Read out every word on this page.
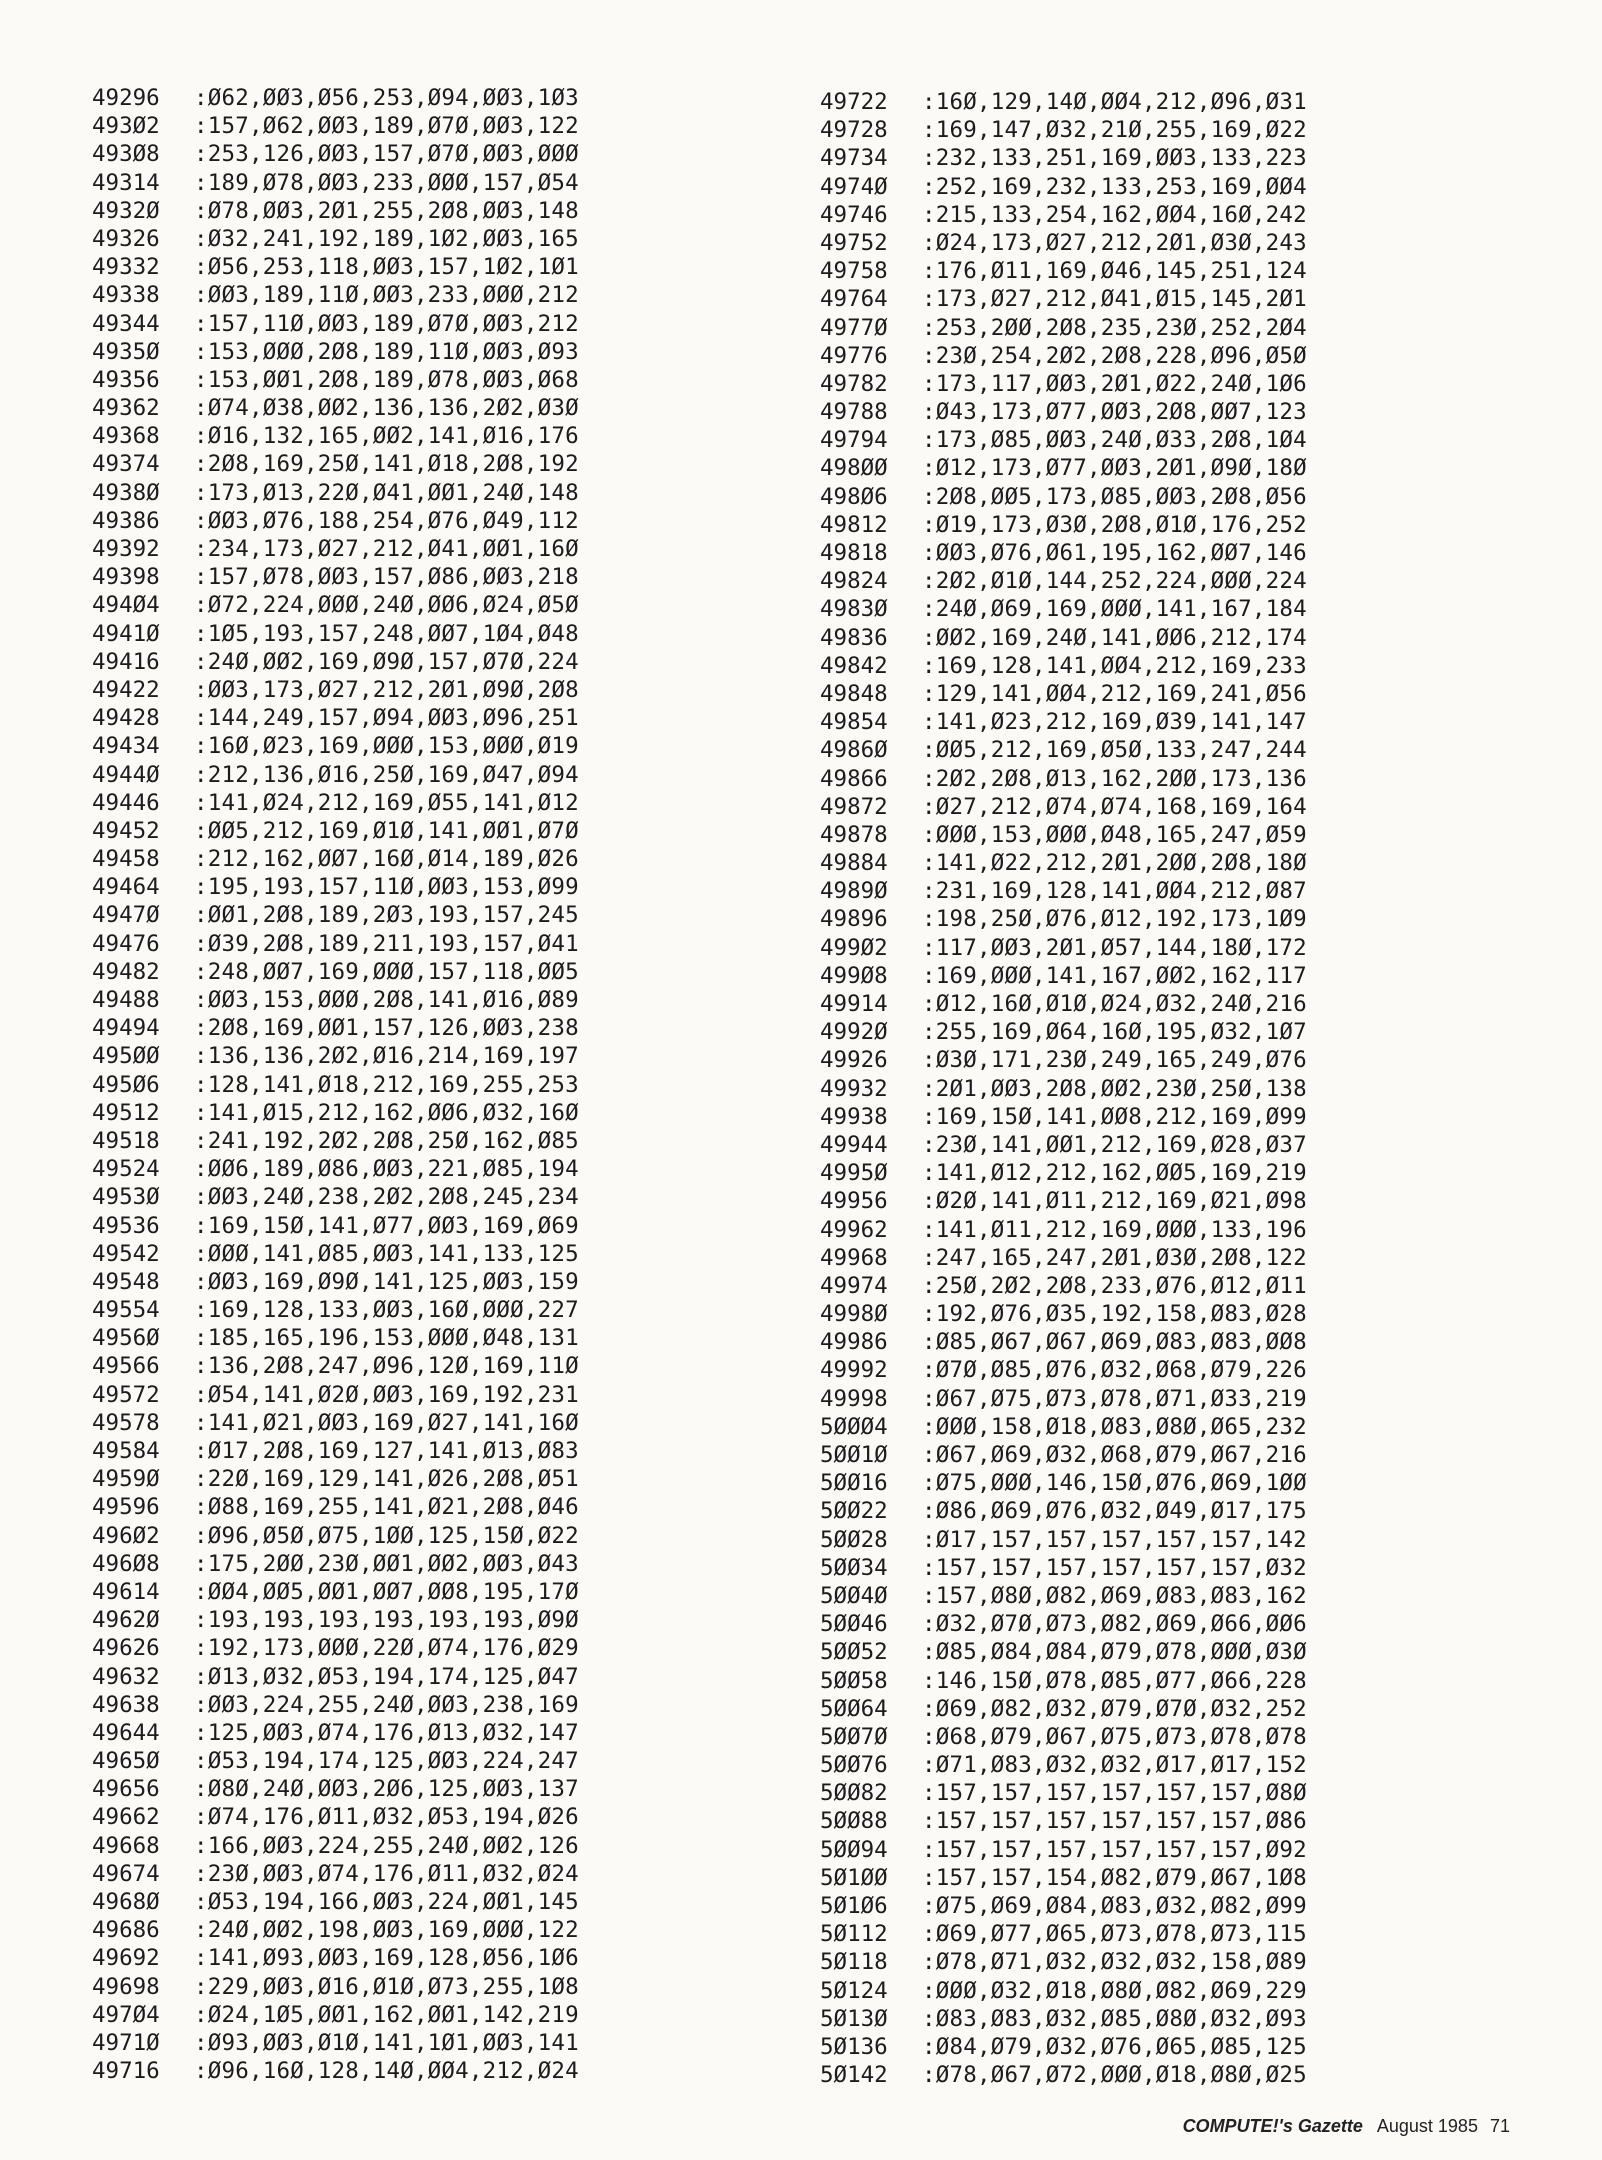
49296 :Ø62,ØØ3,Ø56,253,Ø94,ØØ3,1Ø3
493Ø2 :157,Ø62,ØØ3,189,Ø7Ø,ØØ3,122
493Ø8 :253,126,ØØ3,157,Ø7Ø,ØØ3,ØØØ
49314 :189,Ø78,ØØ3,233,ØØØ,157,Ø54
4932Ø :Ø78,ØØ3,2Ø1,255,2Ø8,ØØ3,148
49326 :Ø32,241,192,189,1Ø2,ØØ3,165
49332 :Ø56,253,118,ØØ3,157,1Ø2,1Ø1
49338 :ØØ3,189,11Ø,ØØ3,233,ØØØ,212
49344 :157,11Ø,ØØ3,189,Ø7Ø,ØØ3,212
4935Ø :153,ØØØ,2Ø8,189,11Ø,ØØ3,Ø93
49356 :153,ØØ1,2Ø8,189,Ø78,ØØ3,Ø68
49362 :Ø74,Ø38,ØØ2,136,136,2Ø2,Ø3Ø
49368 :Ø16,132,165,ØØ2,141,Ø16,176
49374 :2Ø8,169,25Ø,141,Ø18,2Ø8,192
4938Ø :173,Ø13,22Ø,Ø41,ØØ1,24Ø,148
49386 :ØØ3,Ø76,188,254,Ø76,Ø49,112
49392 :234,173,Ø27,212,Ø41,ØØ1,16Ø
49398 :157,Ø78,ØØ3,157,Ø86,ØØ3,218
494Ø4 :Ø72,224,ØØØ,24Ø,ØØ6,Ø24,Ø5Ø
4941Ø :1Ø5,193,157,248,ØØ7,1Ø4,Ø48
49416 :24Ø,ØØ2,169,Ø9Ø,157,Ø7Ø,224
49422 :ØØ3,173,Ø27,212,2Ø1,Ø9Ø,2Ø8
49428 :144,249,157,Ø94,ØØ3,Ø96,251
49434 :16Ø,Ø23,169,ØØØ,153,ØØØ,Ø19
4944Ø :212,136,Ø16,25Ø,169,Ø47,Ø94
49446 :141,Ø24,212,169,Ø55,141,Ø12
49452 :ØØ5,212,169,Ø1Ø,141,ØØ1,Ø7Ø
49458 :212,162,ØØ7,16Ø,Ø14,189,Ø26
49464 :195,193,157,11Ø,ØØ3,153,Ø99
4947Ø :ØØ1,2Ø8,189,2Ø3,193,157,245
49476 :Ø39,2Ø8,189,211,193,157,Ø41
49482 :248,ØØ7,169,ØØØ,157,118,ØØ5
49488 :ØØ3,153,ØØØ,2Ø8,141,Ø16,Ø89
49494 :2Ø8,169,ØØ1,157,126,ØØ3,238
495ØØ :136,136,2Ø2,Ø16,214,169,197
495Ø6 :128,141,Ø18,212,169,255,253
49512 :141,Ø15,212,162,ØØ6,Ø32,16Ø
49518 :241,192,2Ø2,2Ø8,25Ø,162,Ø85
49524 :ØØ6,189,Ø86,ØØ3,221,Ø85,194
4953Ø :ØØ3,24Ø,238,2Ø2,2Ø8,245,234
49536 :169,15Ø,141,Ø77,ØØ3,169,Ø69
49542 :ØØØ,141,Ø85,ØØ3,141,133,125
49548 :ØØ3,169,Ø9Ø,141,125,ØØ3,159
49554 :169,128,133,ØØ3,16Ø,ØØØ,227
4956Ø :185,165,196,153,ØØØ,Ø48,131
49566 :136,2Ø8,247,Ø96,12Ø,169,11Ø
49572 :Ø54,141,Ø2Ø,ØØ3,169,192,231
49578 :141,Ø21,ØØ3,169,Ø27,141,16Ø
49584 :Ø17,2Ø8,169,127,141,Ø13,Ø83
4959Ø :22Ø,169,129,141,Ø26,2Ø8,Ø51
49596 :Ø88,169,255,141,Ø21,2Ø8,Ø46
496Ø2 :Ø96,Ø5Ø,Ø75,1ØØ,125,15Ø,Ø22
496Ø8 :175,2ØØ,23Ø,ØØ1,ØØ2,ØØ3,Ø43
49614 :ØØ4,ØØ5,ØØ1,ØØ7,ØØ8,195,17Ø
4962Ø :193,193,193,193,193,193,Ø9Ø
49626 :192,173,ØØØ,22Ø,Ø74,176,Ø29
49632 :Ø13,Ø32,Ø53,194,174,125,Ø47
49638 :ØØ3,224,255,24Ø,ØØ3,238,169
49644 :125,ØØ3,Ø74,176,Ø13,Ø32,147
4965Ø :Ø53,194,174,125,ØØ3,224,247
49656 :Ø8Ø,24Ø,ØØ3,2Ø6,125,ØØ3,137
49662 :Ø74,176,Ø11,Ø32,Ø53,194,Ø26
49668 :166,ØØ3,224,255,24Ø,ØØ2,126
49674 :23Ø,ØØ3,Ø74,176,Ø11,Ø32,Ø24
4968Ø :Ø53,194,166,ØØ3,224,ØØ1,145
49686 :24Ø,ØØ2,198,ØØ3,169,ØØØ,122
49692 :141,Ø93,ØØ3,169,128,Ø56,1Ø6
49698 :229,ØØ3,Ø16,Ø1Ø,Ø73,255,1Ø8
497Ø4 :Ø24,1Ø5,ØØ1,162,ØØ1,142,219
4971Ø :Ø93,ØØ3,Ø1Ø,141,1Ø1,ØØ3,141
49716 :Ø96,16Ø,128,14Ø,ØØ4,212,Ø24
49722 :16Ø,129,14Ø,ØØ4,212,Ø96,Ø31
49728 :169,147,Ø32,21Ø,255,169,Ø22
49734 :232,133,251,169,ØØ3,133,223
4974Ø :252,169,232,133,253,169,ØØ4
49746 :215,133,254,162,ØØ4,16Ø,242
49752 :Ø24,173,Ø27,212,2Ø1,Ø3Ø,243
49758 :176,Ø11,169,Ø46,145,251,124
49764 :173,Ø27,212,Ø41,Ø15,145,2Ø1
4977Ø :253,2ØØ,2Ø8,235,23Ø,252,2Ø4
49776 :23Ø,254,2Ø2,2Ø8,228,Ø96,Ø5Ø
49782 :173,117,ØØ3,2Ø1,Ø22,24Ø,1Ø6
49788 :Ø43,173,Ø77,ØØ3,2Ø8,ØØ7,123
49794 :173,Ø85,ØØ3,24Ø,Ø33,2Ø8,1Ø4
498ØØ :Ø12,173,Ø77,ØØ3,2Ø1,Ø9Ø,18Ø
498Ø6 :2Ø8,ØØ5,173,Ø85,ØØ3,2Ø8,Ø56
49812 :Ø19,173,Ø3Ø,2Ø8,Ø1Ø,176,252
49818 :ØØ3,Ø76,Ø61,195,162,ØØ7,146
49824 :2Ø2,Ø1Ø,144,252,224,ØØØ,224
4983Ø :24Ø,Ø69,169,ØØØ,141,167,184
49836 :ØØ2,169,24Ø,141,ØØ6,212,174
49842 :169,128,141,ØØ4,212,169,233
49848 :129,141,ØØ4,212,169,241,Ø56
49854 :141,Ø23,212,169,Ø39,141,147
4986Ø :ØØ5,212,169,Ø5Ø,133,247,244
49866 :2Ø2,2Ø8,Ø13,162,2ØØ,173,136
49872 :Ø27,212,Ø74,Ø74,168,169,164
49878 :ØØØ,153,ØØØ,Ø48,165,247,Ø59
49884 :141,Ø22,212,2Ø1,2ØØ,2Ø8,18Ø
4989Ø :231,169,128,141,ØØ4,212,Ø87
49896 :198,25Ø,Ø76,Ø12,192,173,1Ø9
499Ø2 :117,ØØ3,2Ø1,Ø57,144,18Ø,172
499Ø8 :169,ØØØ,141,167,ØØ2,162,117
49914 :Ø12,16Ø,Ø1Ø,Ø24,Ø32,24Ø,216
4992Ø :255,169,Ø64,16Ø,195,Ø32,1Ø7
49926 :Ø3Ø,171,23Ø,249,165,249,Ø76
49932 :2Ø1,ØØ3,2Ø8,ØØ2,23Ø,25Ø,138
49938 :169,15Ø,141,ØØ8,212,169,Ø99
49944 :23Ø,141,ØØ1,212,169,Ø28,Ø37
4995Ø :141,Ø12,212,162,ØØ5,169,219
49956 :Ø2Ø,141,Ø11,212,169,Ø21,Ø98
49962 :141,Ø11,212,169,ØØØ,133,196
49968 :247,165,247,2Ø1,Ø3Ø,2Ø8,122
49974 :25Ø,2Ø2,2Ø8,233,Ø76,Ø12,Ø11
4998Ø :192,Ø76,Ø35,192,158,Ø83,Ø28
49986 :Ø85,Ø67,Ø67,Ø69,Ø83,Ø83,ØØ8
49992 :Ø7Ø,Ø85,Ø76,Ø32,Ø68,Ø79,226
49998 :Ø67,Ø75,Ø73,Ø78,Ø71,Ø33,219
5ØØØ4 :ØØØ,158,Ø18,Ø83,Ø8Ø,Ø65,232
5ØØ1Ø :Ø67,Ø69,Ø32,Ø68,Ø79,Ø67,216
5ØØ16 :Ø75,ØØØ,146,15Ø,Ø76,Ø69,1ØØ
5ØØ22 :Ø86,Ø69,Ø76,Ø32,Ø49,Ø17,175
5ØØ28 :Ø17,157,157,157,157,157,142
5ØØ34 :157,157,157,157,157,157,Ø32
5ØØ4Ø :157,Ø8Ø,Ø82,Ø69,Ø83,Ø83,162
5ØØ46 :Ø32,Ø7Ø,Ø73,Ø82,Ø69,Ø66,ØØ6
5ØØ52 :Ø85,Ø84,Ø84,Ø79,Ø78,ØØØ,Ø3Ø
5ØØ58 :146,15Ø,Ø78,Ø85,Ø77,Ø66,228
5ØØ64 :Ø69,Ø82,Ø32,Ø79,Ø7Ø,Ø32,252
5ØØ7Ø :Ø68,Ø79,Ø67,Ø75,Ø73,Ø78,Ø78
5ØØ76 :Ø71,Ø83,Ø32,Ø32,Ø17,Ø17,152
5ØØ82 :157,157,157,157,157,157,Ø8Ø
5ØØ88 :157,157,157,157,157,157,Ø86
5ØØ94 :157,157,157,157,157,157,Ø92
5Ø1ØØ :157,157,154,Ø82,Ø79,Ø67,1Ø8
5Ø1Ø6 :Ø75,Ø69,Ø84,Ø83,Ø32,Ø82,Ø99
5Ø112 :Ø69,Ø77,Ø65,Ø73,Ø78,Ø73,115
5Ø118 :Ø78,Ø71,Ø32,Ø32,Ø32,158,Ø89
5Ø124 :ØØØ,Ø32,Ø18,Ø8Ø,Ø82,Ø69,229
5Ø13Ø :Ø83,Ø83,Ø32,Ø85,Ø8Ø,Ø32,Ø93
5Ø136 :Ø84,Ø79,Ø32,Ø76,Ø65,Ø85,125
5Ø142 :Ø78,Ø67,Ø72,ØØØ,Ø18,Ø8Ø,Ø25
COMPUTE!'s Gazette August 1985 71
